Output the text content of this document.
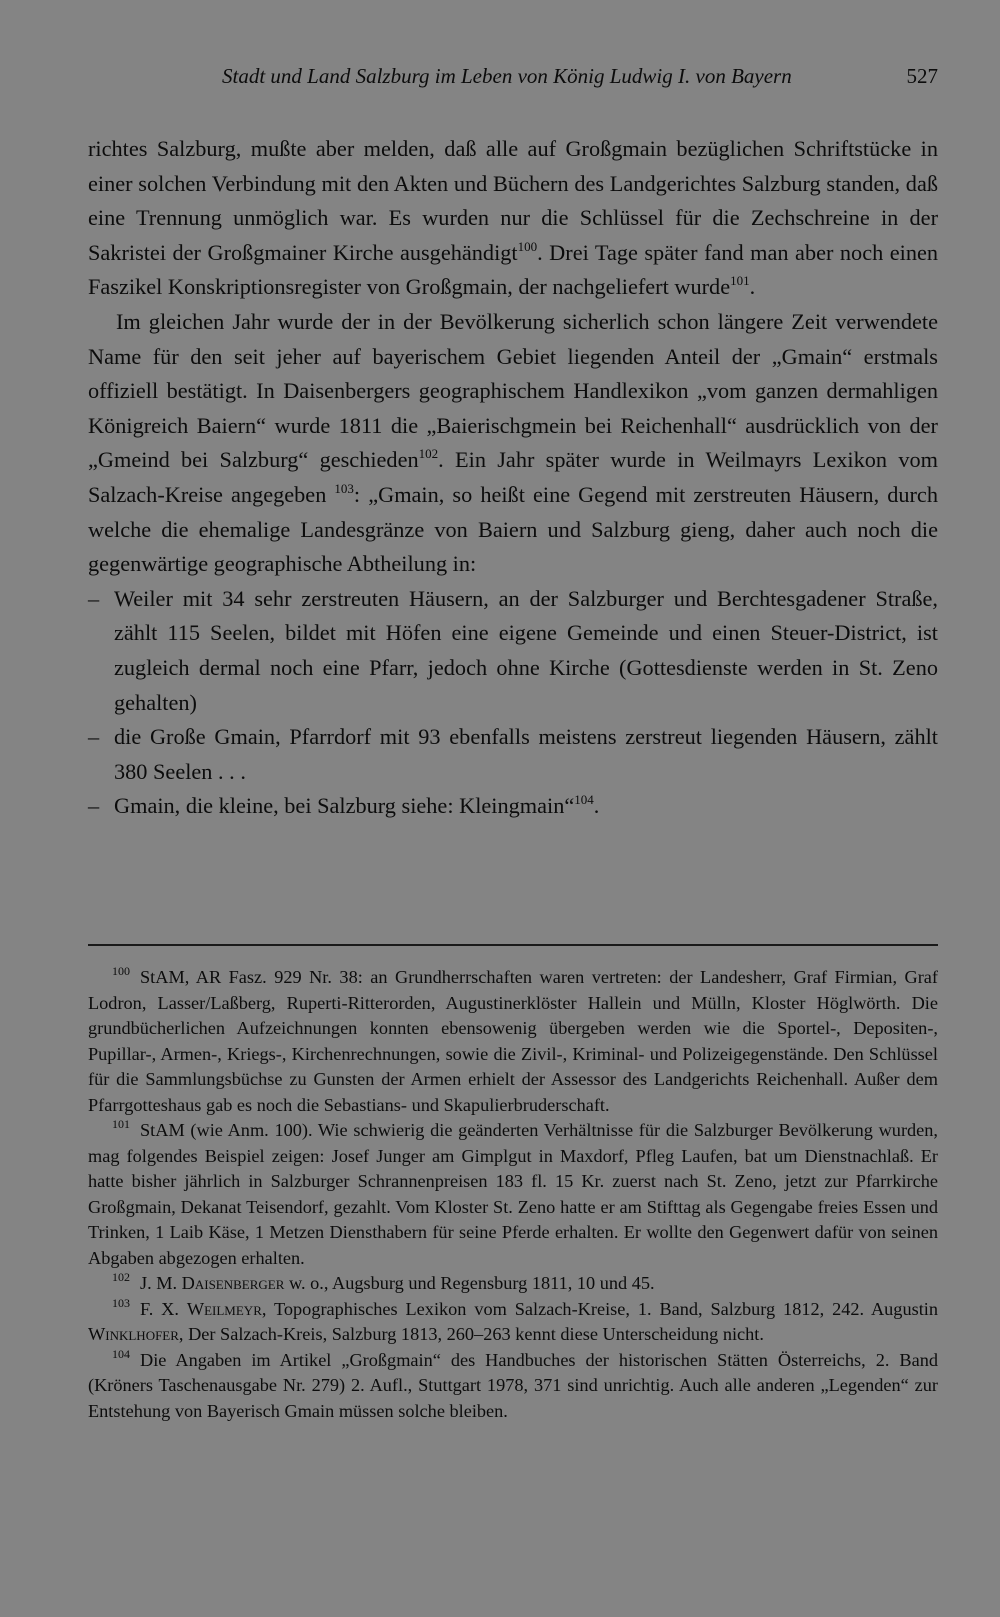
Stadt und Land Salzburg im Leben von König Ludwig I. von Bayern	527

richtes Salzburg, mußte aber melden, daß alle auf Großgmain bezüglichen Schriftstücke in einer solchen Verbindung mit den Akten und Büchern des Landgerichtes Salzburg standen, daß eine Trennung unmöglich war. Es wurden nur die Schlüssel für die Zechschreine in der Sakristei der Großgmainer Kirche ausgehändigt$^{100}$. Drei Tage später fand man aber noch einen Faszikel Konskriptionsregister von Großgmain, der nachgeliefert wurde$^{101}$.

Im gleichen Jahr wurde der in der Bevölkerung sicherlich schon längere Zeit verwendete Name für den seit jeher auf bayerischem Gebiet liegenden Anteil der „Gmain“ erstmals offiziell bestätigt. In Daisenbergers geographischem Handlexikon „vom ganzen dermahligen Königreich Baiern“ wurde 1811 die „Baierischgmein bei Reichenhall“ ausdrücklich von der „Gmeind bei Salzburg“ geschieden$^{102}$. Ein Jahr später wurde in Weilmayrs Lexikon vom Salzach-Kreise angegeben $^{103}$: „Gmain, so heißt eine Gegend mit zerstreuten Häusern, durch welche die ehemalige Landesgränze von Baiern und Salzburg gieng, daher auch noch die gegenwärtige geographische Abtheilung in:

– Weiler mit 34 sehr zerstreuten Häusern, an der Salzburger und Berchtesgadener Straße, zählt 115 Seelen, bildet mit Höfen eine eigene Gemeinde und einen Steuer-District, ist zugleich dermal noch eine Pfarr, jedoch ohne Kirche (Gottesdienste werden in St. Zeno gehalten)
– die Große Gmain, Pfarrdorf mit 93 ebenfalls meistens zerstreut liegenden Häusern, zählt 380 Seelen . . .
– Gmain, die kleine, bei Salzburg siehe: Kleingmain“$^{104}$.

$^{100}$ StAM, AR Fasz. 929 Nr. 38: an Grundherrschaften waren vertreten: der Landesherr, Graf Firmian, Graf Lodron, Lasser/Laßberg, Ruperti-Ritterorden, Augustinerklöster Hallein und Mülln, Kloster Höglwörth. Die grundbücherlichen Aufzeichnungen konnten ebensowenig übergeben werden wie die Sportel-, Depositen-, Pupillar-, Armen-, Kriegs-, Kirchenrechnungen, sowie die Zivil-, Kriminal- und Polizeigegenstände. Den Schlüssel für die Sammlungsbüchse zu Gunsten der Armen erhielt der Assessor des Landgerichts Reichenhall. Außer dem Pfarrgotteshaus gab es noch die Sebastians- und Skapulierbruderschaft.

$^{101}$ StAM (wie Anm. 100). Wie schwierig die geänderten Verhältnisse für die Salzburger Bevölkerung wurden, mag folgendes Beispiel zeigen: Josef Junger am Gimplgut in Maxdorf, Pfleg Laufen, bat um Dienstnachlaß. Er hatte bisher jährlich in Salzburger Schrannenpreisen 183 fl. 15 Kr. zuerst nach St. Zeno, jetzt zur Pfarrkirche Großgmain, Dekanat Teisendorf, gezahlt. Vom Kloster St. Zeno hatte er am Stifttag als Gegengabe freies Essen und Trinken, 1 Laib Käse, 1 Metzen Diensthabern für seine Pferde erhalten. Er wollte den Gegenwert dafür von seinen Abgaben abgezogen erhalten.

$^{102}$ J. M. Daisenberger w. o., Augsburg und Regensburg 1811, 10 und 45.

$^{103}$ F. X. Weilmeyr, Topographisches Lexikon vom Salzach-Kreise, 1. Band, Salzburg 1812, 242. Augustin Winklhofer, Der Salzach-Kreis, Salzburg 1813, 260–263 kennt diese Unterscheidung nicht.

$^{104}$ Die Angaben im Artikel „Großgmain“ des Handbuches der historischen Stätten Österreichs, 2. Band (Kröners Taschenausgabe Nr. 279) 2. Aufl., Stuttgart 1978, 371 sind unrichtig. Auch alle anderen „Legenden“ zur Entstehung von Bayerisch Gmain müssen solche bleiben.
